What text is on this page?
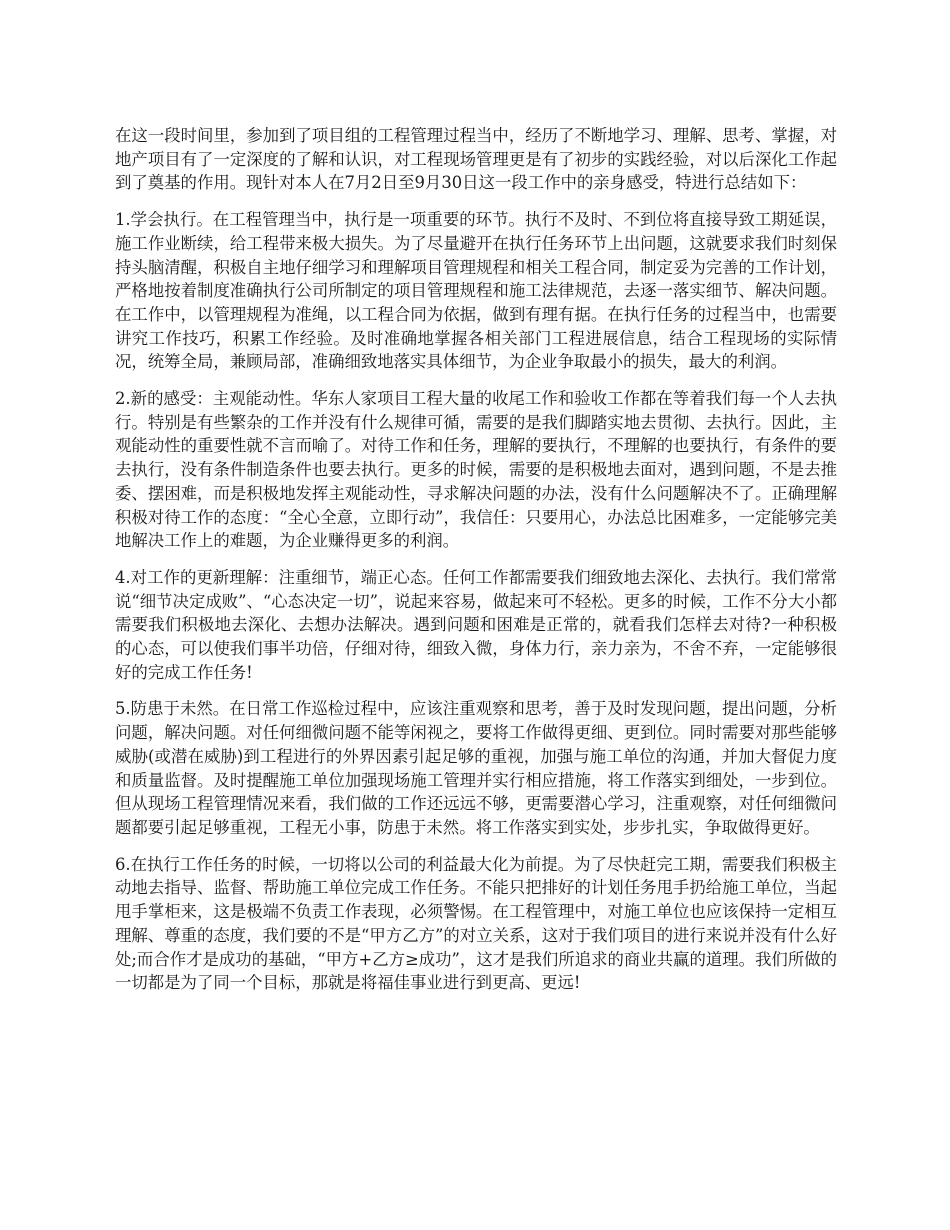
在这一段时间里，参加到了项目组的工程管理过程当中，经历了不断地学习、理解、思考、掌握，对地产项目有了一定深度的了解和认识，对工程现场管理更是有了初步的实践经验，对以后深化工作起到了奠基的作用。现针对本人在7月2日至9月30日这一段工作中的亲身感受，特进行总结如下：

1.学会执行。在工程管理当中，执行是一项重要的环节。执行不及时、不到位将直接导致工期延误，施工作业断续，给工程带来极大损失。为了尽量避开在执行任务环节上出问题，这就要求我们时刻保持头脑清醒，积极自主地仔细学习和理解项目管理规程和相关工程合同，制定妥为完善的工作计划，严格地按着制度准确执行公司所制定的项目管理规程和施工法律规范，去逐一落实细节、解决问题。在工作中，以管理规程为准绳，以工程合同为依据，做到有理有据。在执行任务的过程当中，也需要讲究工作技巧，积累工作经验。及时准确地掌握各相关部门工程进展信息，结合工程现场的实际情况，统筹全局，兼顾局部，准确细致地落实具体细节，为企业争取最小的损失，最大的利润。

2.新的感受：主观能动性。华东人家项目工程大量的收尾工作和验收工作都在等着我们每一个人去执行。特别是有些繁杂的工作并没有什么规律可循，需要的是我们脚踏实地去贯彻、去执行。因此，主观能动性的重要性就不言而喻了。对待工作和任务，理解的要执行，不理解的也要执行，有条件的要去执行，没有条件制造条件也要去执行。更多的时候，需要的是积极地去面对，遇到问题，不是去推委、摆困难，而是积极地发挥主观能动性，寻求解决问题的办法，没有什么问题解决不了。正确理解积极对待工作的态度：“全心全意，立即行动”，我信任：只要用心，办法总比困难多，一定能够完美地解决工作上的难题，为企业赚得更多的利润。

4.对工作的更新理解：注重细节，端正心态。任何工作都需要我们细致地去深化、去执行。我们常常说“细节决定成败”、“心态决定一切”，说起来容易，做起来可不轻松。更多的时候，工作不分大小都需要我们积极地去深化、去想办法解决。遇到问题和困难是正常的，就看我们怎样去对待?一种积极的心态，可以使我们事半功倍，仔细对待，细致入微，身体力行，亲力亲为，不舍不弃，一定能够很好的完成工作任务!

5.防患于未然。在日常工作巡检过程中，应该注重观察和思考，善于及时发现问题，提出问题，分析问题，解决问题。对任何细微问题不能等闲视之，要将工作做得更细、更到位。同时需要对那些能够威胁(或潜在威胁)到工程进行的外界因素引起足够的重视，加强与施工单位的沟通，并加大督促力度和质量监督。及时提醒施工单位加强现场施工管理并实行相应措施，将工作落实到细处，一步到位。但从现场工程管理情况来看，我们做的工作还远远不够，更需要潜心学习，注重观察，对任何细微问题都要引起足够重视，工程无小事，防患于未然。将工作落实到实处，步步扎实，争取做得更好。

6.在执行工作任务的时候，一切将以公司的利益最大化为前提。为了尽快赶完工期，需要我们积极主动地去指导、监督、帮助施工单位完成工作任务。不能只把排好的计划任务甩手扔给施工单位，当起甩手掌柜来，这是极端不负责工作表现，必须警惕。在工程管理中，对施工单位也应该保持一定相互理解、尊重的态度，我们要的不是“甲方乙方”的对立关系，这对于我们项目的进行来说并没有什么好处;而合作才是成功的基础，“甲方+乙方≥成功”，这才是我们所追求的商业共赢的道理。我们所做的一切都是为了同一个目标，那就是将福佳事业进行到更高、更远!
